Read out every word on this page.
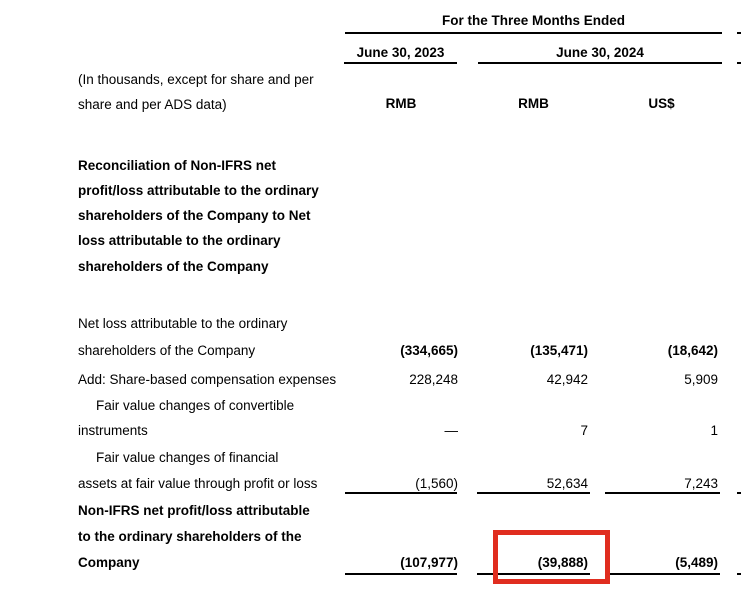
For the Three Months Ended
June 30, 2023	June 30, 2024
(In thousands, except for share and per
share and per ADS data)	RMB	RMB	US$
Reconciliation of Non-IFRS net
profit/loss attributable to the ordinary
shareholders of the Company to Net
loss attributable to the ordinary
shareholders of the Company
Net loss attributable to the ordinary
shareholders of the Company	(334,665)	(135,471)	(18,642)
Add: Share-based compensation expenses	228,248	42,942	5,909
Fair value changes of convertible
instruments	—	7	1
Fair value changes of financial
assets at fair value through profit or loss	(1,560)	52,634	7,243
Non-IFRS net profit/loss attributable
to the ordinary shareholders of the
Company	(107,977)	(39,888)	(5,489)
